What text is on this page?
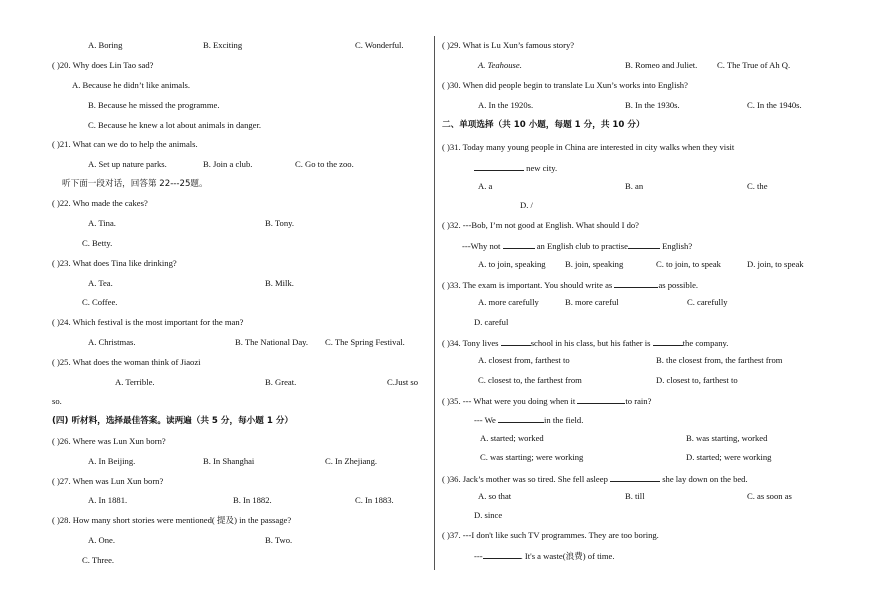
A. Boring	B. Exciting	C. Wonderful.
( )20. Why does Lin Tao sad?
A. Because he didn’t like animals.
B. Because he missed the programme.
C. Because he knew a lot about animals in danger.
( )21. What can we do to help the animals.
A. Set up nature parks.	B. Join a club.	C. Go to the zoo.
听下面一段对话，回答第 22---25题。
( )22. Who made the cakes?
A. Tina.	B. Tony.
C. Betty.
( )23. What does Tina like drinking?
A. Tea.	B. Milk.
C. Coffee.
( )24. Which festival is the most important for the man?
A. Christmas.	B. The National Day. C. The Spring Festival.
( )25. What does the woman think of Jiaozi
A. Terrible.	B. Great.	C.Just so
so.
(四) 听材料，选择最佳答案。读两遍（共 5 分，每小题 1 分）
( )26. Where was Lun Xun born?
A. In Beijing.	B. In Shanghai	C. In Zhejiang.
( )27. When was Lun Xun born?
A. In 1881.	B. In 1882.	C. In 1883.
( )28. How many short stories were mentioned( 提及) in the passage?
A. One.	B. Two.
C. Three.
( )29. What is Lu Xun’s famous story?
A. Teahouse.	B. Romeo and Juliet. C. The True of Ah Q.
( )30. When did people begin to translate Lu Xun’s works into English?
A. In the 1920s.	B. In the 1930s.	C. In the 1940s.
二、单项选择（共 10 小题，每题 1 分，共 10 分）
( )31. Today many young people in China are interested in city walks when they visit
new city.
A. a	B. an	C. the
D. /
( )32. ---Bob, I’m not good at English. What should I do?
---Why not	an English club to practise	English?
A. to join, speaking B. join, speaking	C. to join, to speak	D. join, to speak
( )33. The exam is important. You should write as	as possible.
A. more carefully	B. more careful	C. carefully
D. careful
( )34. Tony lives	school in his class, but his father is	the company.
A. closest from, farthest to	B. the closest from, the farthest from
C. closest to, the farthest from	D. closest to, farthest to
( )35. --- What were you doing when it	to rain?
--- We	in the field.
A. started; worked	B. was starting, worked
C. was starting; were working	D. started; were working
( )36. Jack’s mother was so tired. She fell asleep	she lay down on the bed.
A. so that	B. till	C. as soon as
D. since
( )37. ---I don't like such TV programmes. They are too boring.
---	. It's a waste(浪费) of time.
